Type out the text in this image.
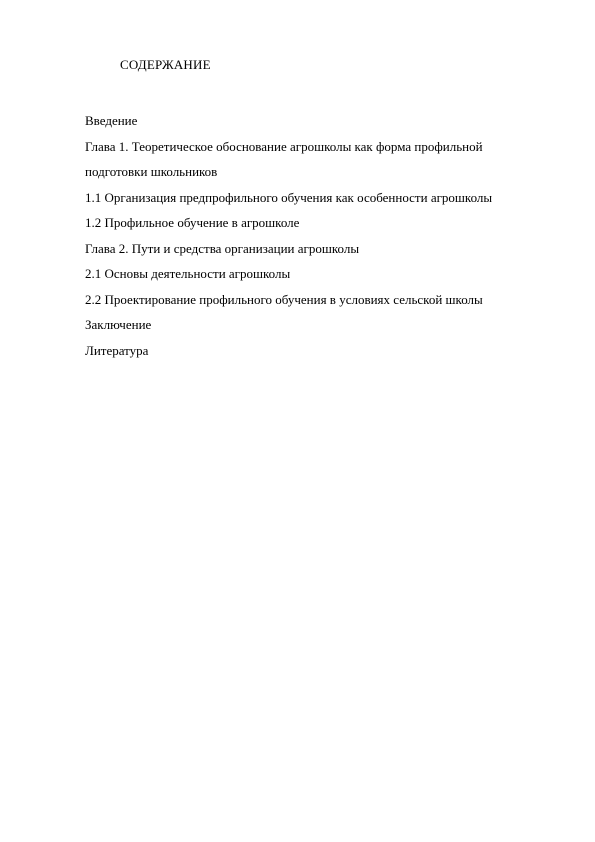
СОДЕРЖАНИЕ
Введение
Глава 1. Теоретическое обоснование агрошколы как форма профильной подготовки школьников
1.1 Организация предпрофильного обучения как особенности агрошколы
1.2 Профильное обучение в агрошколе
Глава 2. Пути и средства организации агрошколы
2.1 Основы деятельности агрошколы
2.2 Проектирование профильного обучения в условиях сельской школы
Заключение
Литература
